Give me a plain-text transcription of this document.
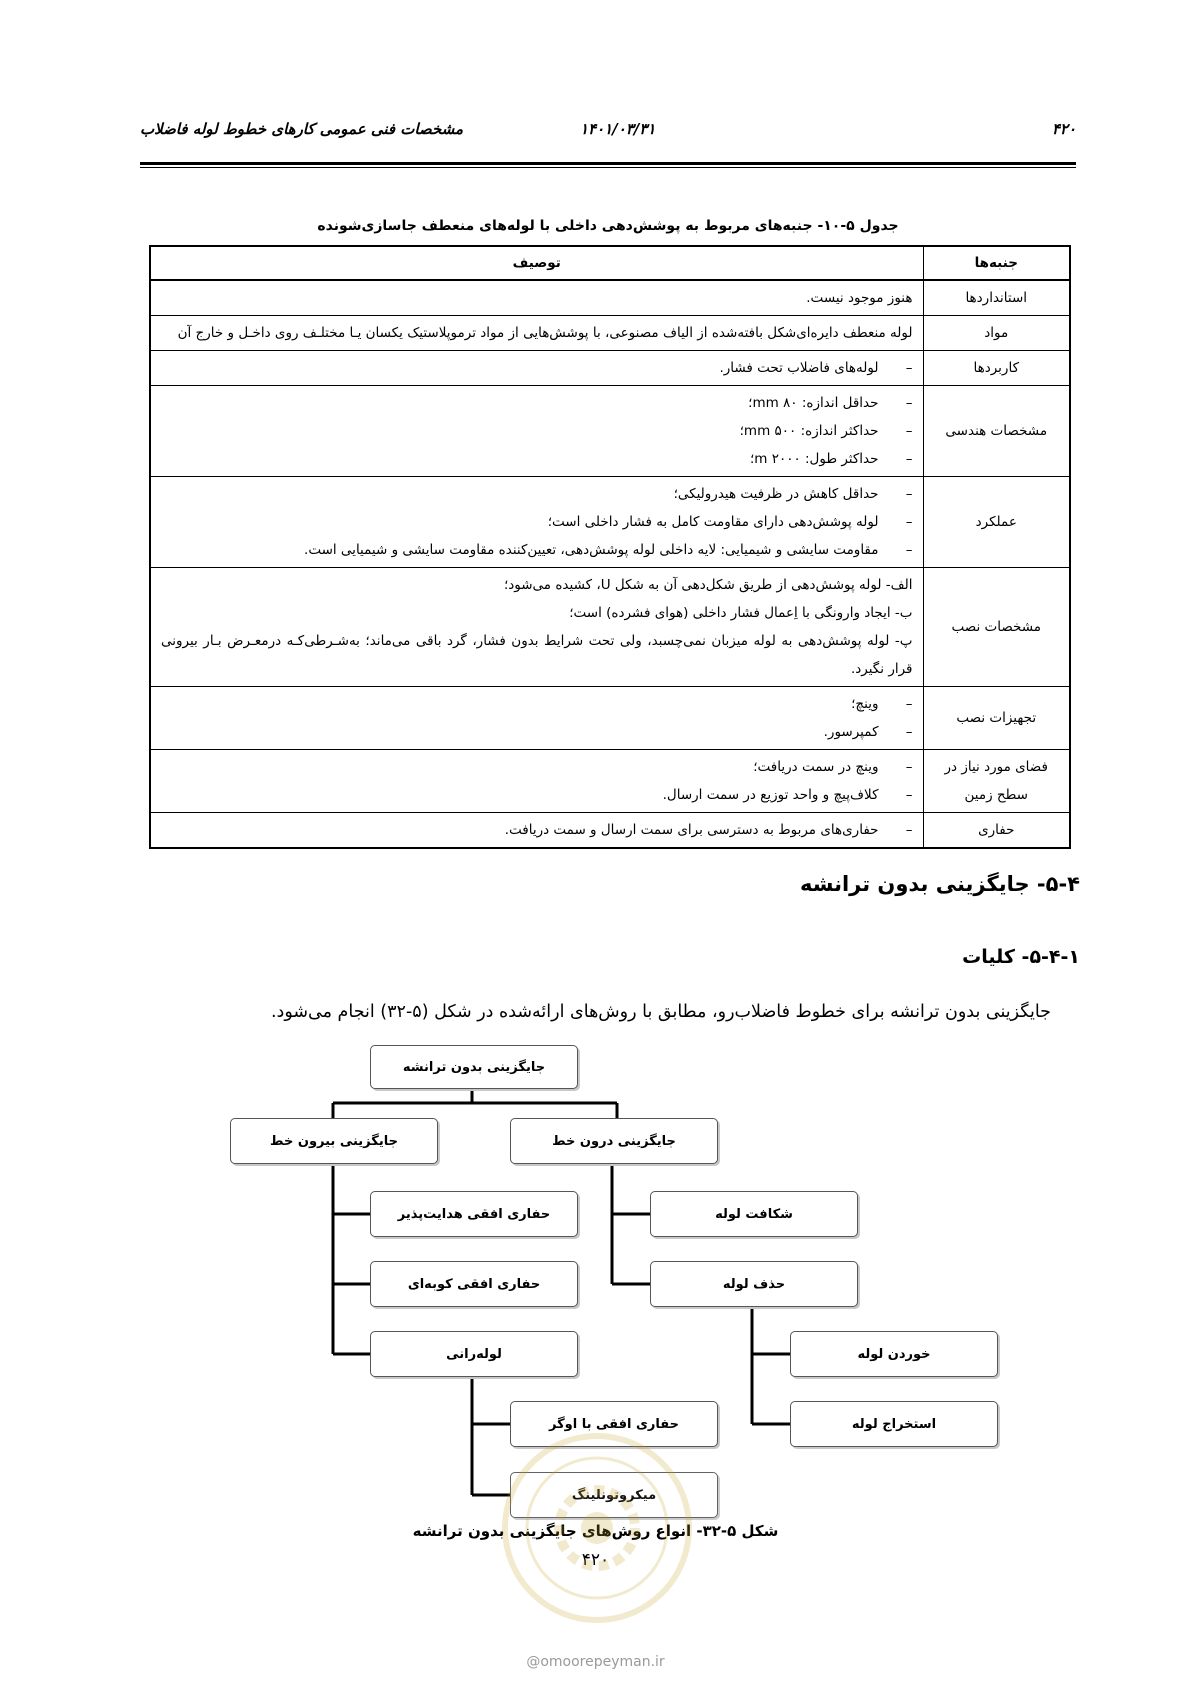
مشخصات فنی عمومی کارهای خطوط لوله فاضلاب	۱۴۰۱/۰۳/۳۱	۴۲۰
جدول ۵-۱۰- جنبه‌های مربوط به پوشش‌دهی داخلی با لوله‌های منعطف جاسازی‌شونده
جنبه‌ها	توصیف
استانداردها	هنوز موجود نیست.

مواد	لوله منعطف دایره‌ای‌شکل بافته‌شده از الیاف مصنوعی، با پوشش‌هایی از مواد ترموپلاستیک یکسان یـا مختلـف روی داخـل و خارج آن

کاربردها	–   لوله‌های فاضلاب تحت فشار.

مشخصات هندسی	–   حداقل اندازه: ۸۰ mm؛
–   حداکثر اندازه: ۵۰۰ mm؛
–   حداکثر طول: ۲۰۰۰ m؛

عملکرد	–   حداقل کاهش در ظرفیت هیدرولیکی؛
–   لوله پوشش‌دهی دارای مقاومت کامل به فشار داخلی است؛
–   مقاومت سایشی و شیمیایی: لایه داخلی لوله پوشش‌دهی، تعیین‌کننده مقاومت سایشی و شیمیایی است.

مشخصات نصب	الف- لوله پوشش‌دهی از طریق شکل‌دهی آن به شکل U، کشیده می‌شود؛
ب- ایجاد وارونگی با اِعمال فشار داخلی (هوای فشرده) است؛
پ- لوله پوشش‌دهی به لوله میزبان نمی‌چسبد، ولی تحت شرایط بدون فشار، گرد باقی می‌ماند؛ بەشـرطی‌کـه درمعـرض بـار بیرونی قرار نگیرد.

تجهیزات نصب	–   وینچ؛
–   کمپرسور.

فضای مورد نیاز در سطح زمین	–   وینچ در سمت دریافت؛
–   کلاف‌پیچ و واحد توزیع در سمت ارسال.

حفاری	–   حفاری‌های مربوط به دسترسی برای سمت ارسال و سمت دریافت.
۵-۴- جایگزینی بدون ترانشه
۵-۴-۱- کلیات
جایگزینی بدون ترانشه برای خطوط فاضلاب‌رو، مطابق با روش‌های ارائه‌شده در شکل (۵-۳۲) انجام می‌شود.
جایگزینی بدون ترانشه
جایگزینی بیرون خط	جایگزینی درون خط
حفاری افقی هدایت‌پذیر
حفاری افقی کوبه‌ای
لوله‌رانی
حفاری افقی با اوگر
میکروتونلینگ
شکافت لوله
حذف لوله
خوردن لوله
استخراج لوله
شکل ۵-۳۲- انواع روش‌های جایگزینی بدون ترانشه
۴۲۰
@omoorepeyman.ir
